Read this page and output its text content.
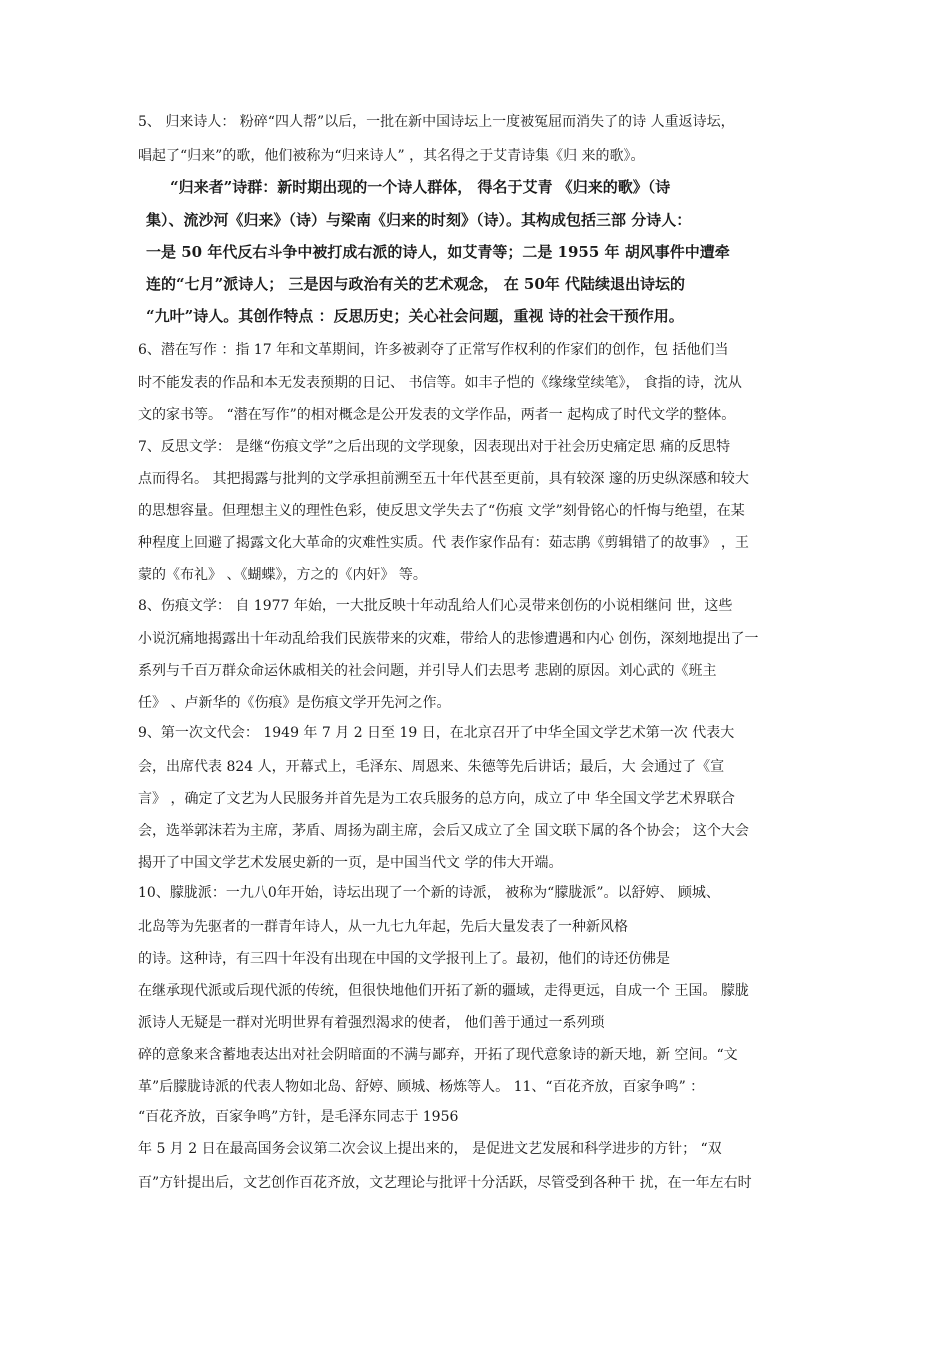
5、 归来诗人： 粉碎“四人帮”以后，一批在新中国诗坛上一度被冤屈而消失了的诗 人重返诗坛，

唱起了“归来”的歌，他们被称为“归来诗人” ，其名得之于艾青诗集《归 来的歌》。

“归来者”诗群：新时期出现的一个诗人群体， 得名于艾青 《归来的歌》（诗

集）、流沙河《归来》（诗）与梁南《归来的时刻》（诗）。其构成包括三部 分诗人：

一是 50 年代反右斗争中被打成右派的诗人，如艾青等；二是 1955 年 胡风事件中遭牵

连的“七月”派诗人； 三是因与政治有关的艺术观念， 在 50年 代陆续退出诗坛的

“九叶”诗人。其创作特点 ：反思历史；关心社会问题，重视 诗的社会干预作用。

6、潜在写作 ：指 17 年和文革期间，许多被剥夺了正常写作权利的作家们的创作，包 括他们当

时不能发表的作品和本无发表预期的日记、 书信等。如丰子恺的《缘缘堂续笔》， 食指的诗，沈从

文的家书等。 “潜在写作”的相对概念是公开发表的文学作品，两者一 起构成了时代文学的整体。

7、反思文学： 是继“伤痕文学”之后出现的文学现象，因表现出对于社会历史痛定思 痛的反思特

点而得名。 其把揭露与批判的文学承担前溯至五十年代甚至更前，具有较深 邃的历史纵深感和较大

的思想容量。但理想主义的理性色彩，使反思文学失去了“伤痕 文学”刻骨铭心的忏悔与绝望，在某

种程度上回避了揭露文化大革命的灾难性实质。代 表作家作品有：茹志鹃《剪辑错了的故事》 ，王

蒙的《布礼》 、《蝴蝶》，方之的《内奸》 等。

8、伤痕文学： 自 1977 年始，一大批反映十年动乱给人们心灵带来创伤的小说相继问 世，这些

小说沉痛地揭露出十年动乱给我们民族带来的灾难，带给人的悲惨遭遇和内心 创伤，深刻地提出了一

系列与千百万群众命运休戚相关的社会问题，并引导人们去思考 悲剧的原因。刘心武的《班主

任》 、卢新华的《伤痕》是伤痕文学开先河之作。

9、第一次文代会： 1949 年 7 月 2 日至 19 日，在北京召开了中华全国文学艺术第一次 代表大

会，出席代表 824 人，开幕式上，毛泽东、周恩来、朱德等先后讲话；最后，大 会通过了《宣

言》 ，确定了文艺为人民服务并首先是为工农兵服务的总方向，成立了中 华全国文学艺术界联合

会，选举郭沫若为主席，茅盾、周扬为副主席，会后又成立了全 国文联下属的各个协会； 这个大会

揭开了中国文学艺术发展史新的一页，是中国当代文 学的伟大开端。

10、朦胧派：一九八0年开始，诗坛出现了一个新的诗派， 被称为“朦胧派”。以舒婷、 顾城、

北岛等为先驱者的一群青年诗人，从一九七九年起，先后大量发表了一种新风格

的诗。这种诗，有三四十年没有出现在中国的文学报刊上了。最初，他们的诗还仿佛是

在继承现代派或后现代派的传统，但很快地他们开拓了新的疆域，走得更远，自成一个 王国。 朦胧

派诗人无疑是一群对光明世界有着强烈渴求的使者， 他们善于通过一系列琐

碎的意象来含蓄地表达出对社会阴暗面的不满与鄙弃，开拓了现代意象诗的新天地，新 空间。“文

革”后朦胧诗派的代表人物如北岛、舒婷、顾城、杨炼等人。 11、“百花齐放，百家争鸣” ：

“百花齐放，百家争鸣”方针，是毛泽东同志于 1956

年 5 月 2 日在最高国务会议第二次会议上提出来的， 是促进文艺发展和科学进步的方针； “双

百”方针提出后，文艺创作百花齐放，文艺理论与批评十分活跃，尽管受到各种干 扰，在一年左右时
